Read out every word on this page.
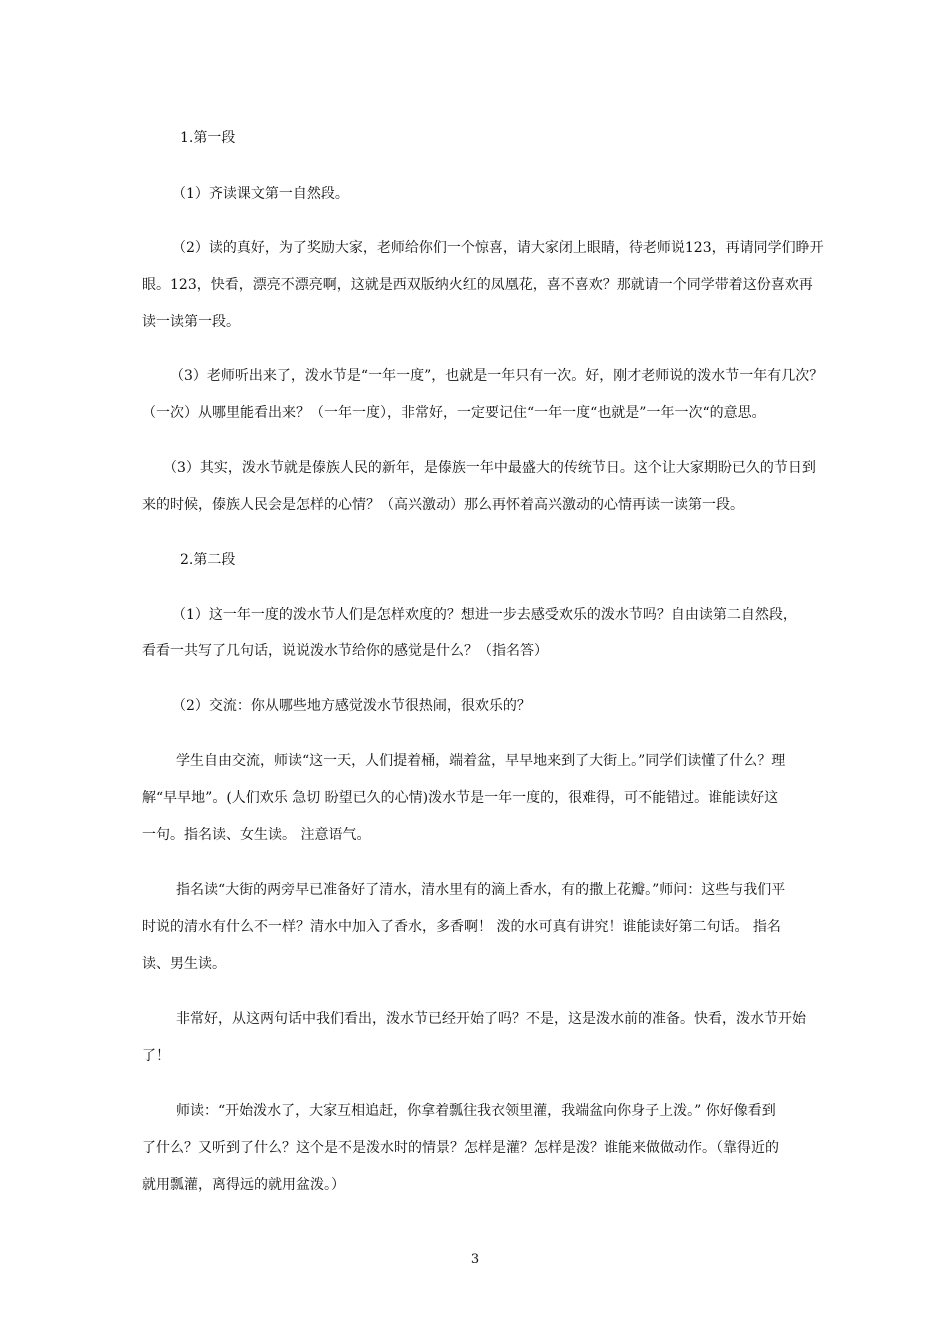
1.第一段
（1）齐读课文第一自然段。
（2）读的真好，为了奖励大家，老师给你们一个惊喜，请大家闭上眼睛，待老师说123，再请同学们睁开
眼。123，快看，漂亮不漂亮啊，这就是西双版纳火红的凤凰花，喜不喜欢？那就请一个同学带着这份喜欢再
读一读第一段。
（3）老师听出来了，泼水节是“一年一度”，也就是一年只有一次。好，刚才老师说的泼水节一年有几次？
（一次）从哪里能看出来？（一年一度），非常好，一定要记住“一年一度“也就是”一年一次“的意思。
（3）其实，泼水节就是傣族人民的新年，是傣族一年中最盛大的传统节日。这个让大家期盼已久的节日到
来的时候，傣族人民会是怎样的心情？（高兴激动）那么再怀着高兴激动的心情再读一读第一段。
2.第二段
（1）这一年一度的泼水节人们是怎样欢度的？想进一步去感受欢乐的泼水节吗？自由读第二自然段，
看看一共写了几句话，说说泼水节给你的感觉是什么？（指名答）
（2）交流：你从哪些地方感觉泼水节很热闹，很欢乐的？
学生自由交流，师读“这一天，人们提着桶，端着盆，早早地来到了大街上。”同学们读懂了什么？理
解“早早地”。(人们欢乐 急切 盼望已久的心情)泼水节是一年一度的，很难得，可不能错过。谁能读好这
一句。指名读、女生读。 注意语气。
指名读“大街的两旁早已准备好了清水，清水里有的滴上香水，有的撒上花瓣。”师问：这些与我们平
时说的清水有什么不一样？清水中加入了香水，多香啊！ 泼的水可真有讲究！谁能读好第二句话。 指名
读、男生读。
非常好，从这两句话中我们看出，泼水节已经开始了吗？不是，这是泼水前的准备。快看，泼水节开始
了！
师读：“开始泼水了，大家互相追赶，你拿着瓢往我衣领里灌，我端盆向你身子上泼。” 你好像看到
了什么？又听到了什么？这个是不是泼水时的情景？怎样是灌？怎样是泼？谁能来做做动作。（靠得近的
就用瓢灌，离得远的就用盆泼。）
3
